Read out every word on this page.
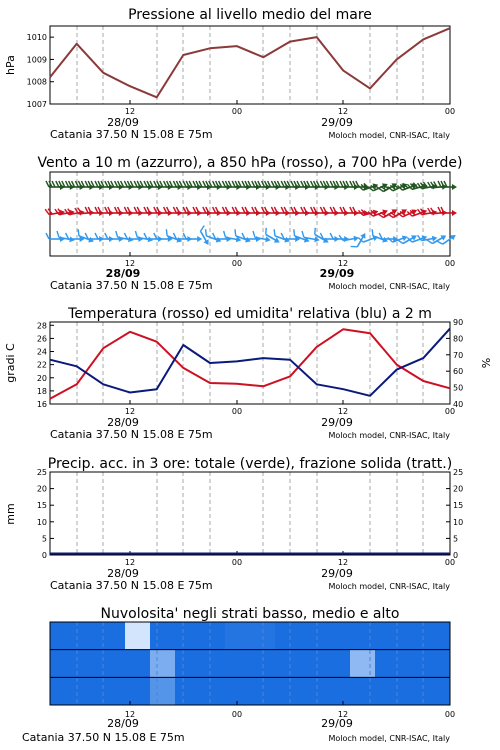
Pressione al livello medio del mare
1007
1008
1009
1010
hPa
12	00	12	00
28/09	29/09
Catania 37.50 N 15.08 E 75m	Moloch model, CNR-ISAC, Italy
Vento a 10 m (azzurro), a 850 hPa (rosso), a 700 hPa (verde)
12	00	12	00
28/09	29/09
Catania 37.50 N 15.08 E 75m	Moloch model, CNR-ISAC, Italy
Temperatura (rosso) ed umidita' relativa (blu) a 2 m
16
18
20
22
24
26
28
40
50
60
70
80
90
gradi C	%
12	00	12	00
28/09	29/09
Catania 37.50 N 15.08 E 75m	Moloch model, CNR-ISAC, Italy
Precip. acc. in 3 ore: totale (verde), frazione solida (tratt.)
0
5
10
15
20
25
0
5
10
15
20
25
mm
12	00	12	00
28/09	29/09
Catania 37.50 N 15.08 E 75m	Moloch model, CNR-ISAC, Italy
Nuvolosita' negli strati basso, medio e alto
12	00	12	00
28/09	29/09
Catania 37.50 N 15.08 E 75m	Moloch model, CNR-ISAC, Italy
